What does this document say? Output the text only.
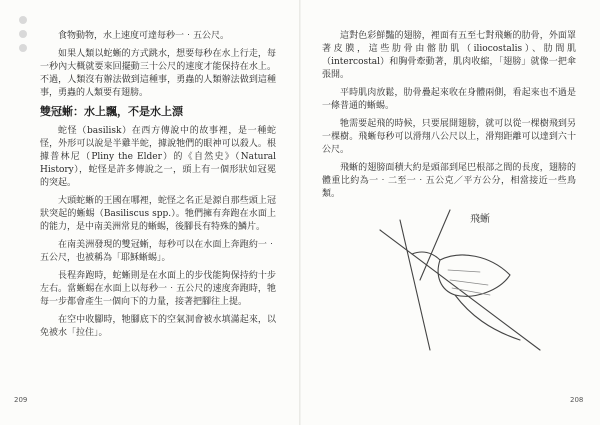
食物動物，水上速度可達每秒一‧五公尺。

如果人類以蛇蜥的方式跳水，想要每秒在水上行走，每一秒內大概就要來回擺動三十公尺的速度才能保持在水上。不過，人類沒有辦法做到這種事，勇蟲的人類辦法做到這種事，勇蟲的人類要有翅膀。

雙冠蜥：水上飄，不是水上漂

蛇怪（basilisk）在西方傳說中的故事裡，是一種蛇怪，外形可以說是半雞半蛇，據說牠們的眼神可以殺人。根據普林尼（Pliny the Elder）的《自然史》（Natural History），蛇怪是許多傳說之一，頭上有一個形狀如冠冕的突起。

大頭蛇蜥的王國在哪裡，蛇怪之名正是源自那些頭上冠狀突起的蜥蜴（Basiliscus spp.）。牠們擁有奔跑在水面上的能力，是中南美洲常見的蜥蜴，後腳長有特殊的鱗片。

在南美洲發現的雙冠蜥，每秒可以在水面上奔跑約一‧五公尺，也被稱為「耶穌蜥蜴」。

長程奔跑時，蛇蜥則是在水面上的步伐能夠保持約十步左右。當蜥蜴在水面上以每秒一‧五公尺的速度奔跑時，牠每一步都會產生一個向下的力量，接著把腳往上提。

在空中收腳時，牠腳底下的空氣洞會被水填滿起來，以免被水「拉住」。

209

這對色彩鮮豔的翅膀，裡面有五至七對飛蜥的肋骨，外面罩著皮膜，這些肋骨由髂肋肌（iliocostalis）、肋間肌（intercostal）和胸骨牽動著，肌肉收縮，「翅膀」就像一把傘張開。

平時肌肉放鬆，肋骨疊起來收在身體兩側，看起來也不過是一條普通的蜥蜴。

牠需要起飛的時候，只要展開翅膀，就可以從一棵樹飛到另一棵樹。飛蜥每秒可以滑翔八公尺以上，滑翔距離可以達到六十公尺。

飛蜥的翅膀面積大約是頭部到尾巴根部之間的長度，翅膀的體重比約為一‧二至一‧五公克／平方公分，相當接近一些鳥類。

飛蜥
208
